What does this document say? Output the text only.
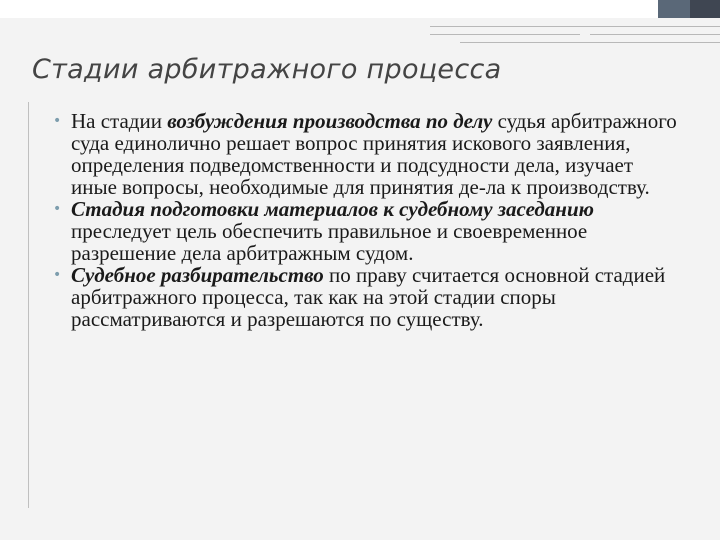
Стадии арбитражного процесса
• На стадии возбуждения производства по делу судья арбитражного суда единолично решает вопрос принятия искового заявления, определения подведомственности и подсудности дела, изучает иные вопросы, необходимые для принятия де-ла к производству.
• Стадия подготовки материалов к судебному заседанию преследует цель обеспечить правильное и своевременное разрешение дела арбитражным судом.
• Судебное разбирательство по праву считается основной стадией арбитражного процесса, так как на этой стадии споры рассматриваются и разрешаются по существу.
